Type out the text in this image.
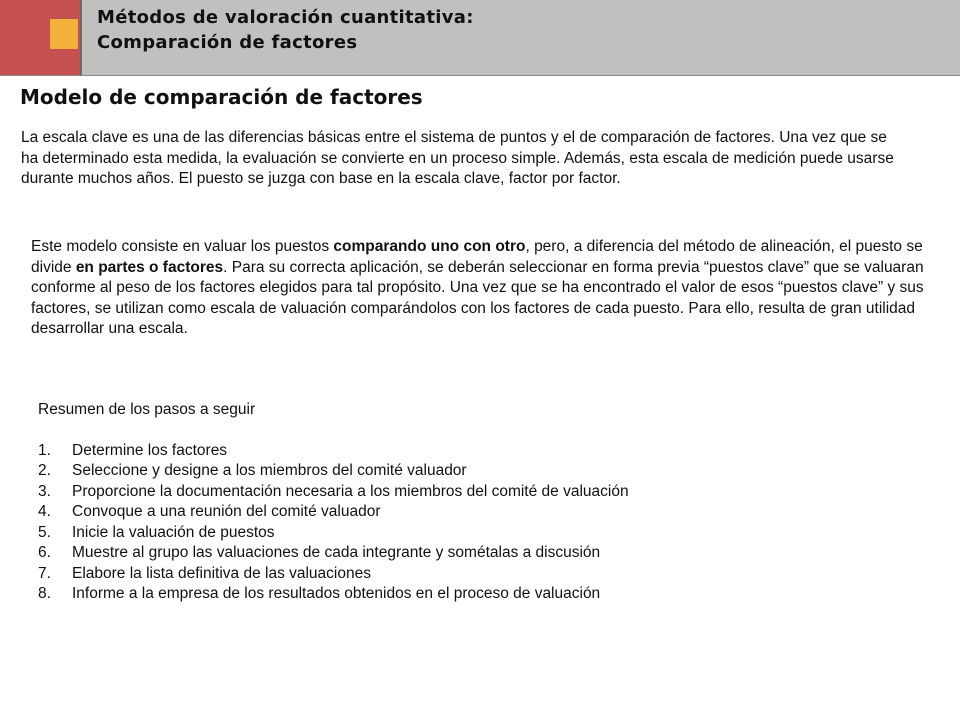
Métodos de valoración cuantitativa:
Comparación de factores
Modelo de comparación de factores
La escala clave es una de las diferencias básicas entre el sistema de puntos y el de comparación de factores. Una vez que se ha determinado esta medida, la evaluación se convierte en un proceso simple. Además, esta escala de medición puede usarse durante muchos años. El puesto se juzga con base en la escala clave, factor por factor.
Este modelo consiste en valuar los puestos comparando uno con otro, pero, a diferencia del método de alineación, el puesto se divide en partes o factores. Para su correcta aplicación, se deberán seleccionar en forma previa “puestos clave” que se valuaran conforme al peso de los factores elegidos para tal propósito. Una vez que se ha encontrado el valor de esos “puestos clave” y sus factores, se utilizan como escala de valuación comparándolos con los factores de cada puesto. Para ello, resulta de gran utilidad desarrollar una escala.
Resumen de los pasos a seguir
1.	Determine los factores
2.	Seleccione y designe a los miembros del comité valuador
3.	Proporcione la documentación necesaria a los miembros del comité de valuación
4.	Convoque a una reunión del comité valuador
5.	Inicie la valuación de puestos
6.	Muestre al grupo las valuaciones de cada integrante y sométalas a discusión
7.	Elabore la lista definitiva de las valuaciones
8.	Informe a la empresa de los resultados obtenidos en el proceso de valuación
